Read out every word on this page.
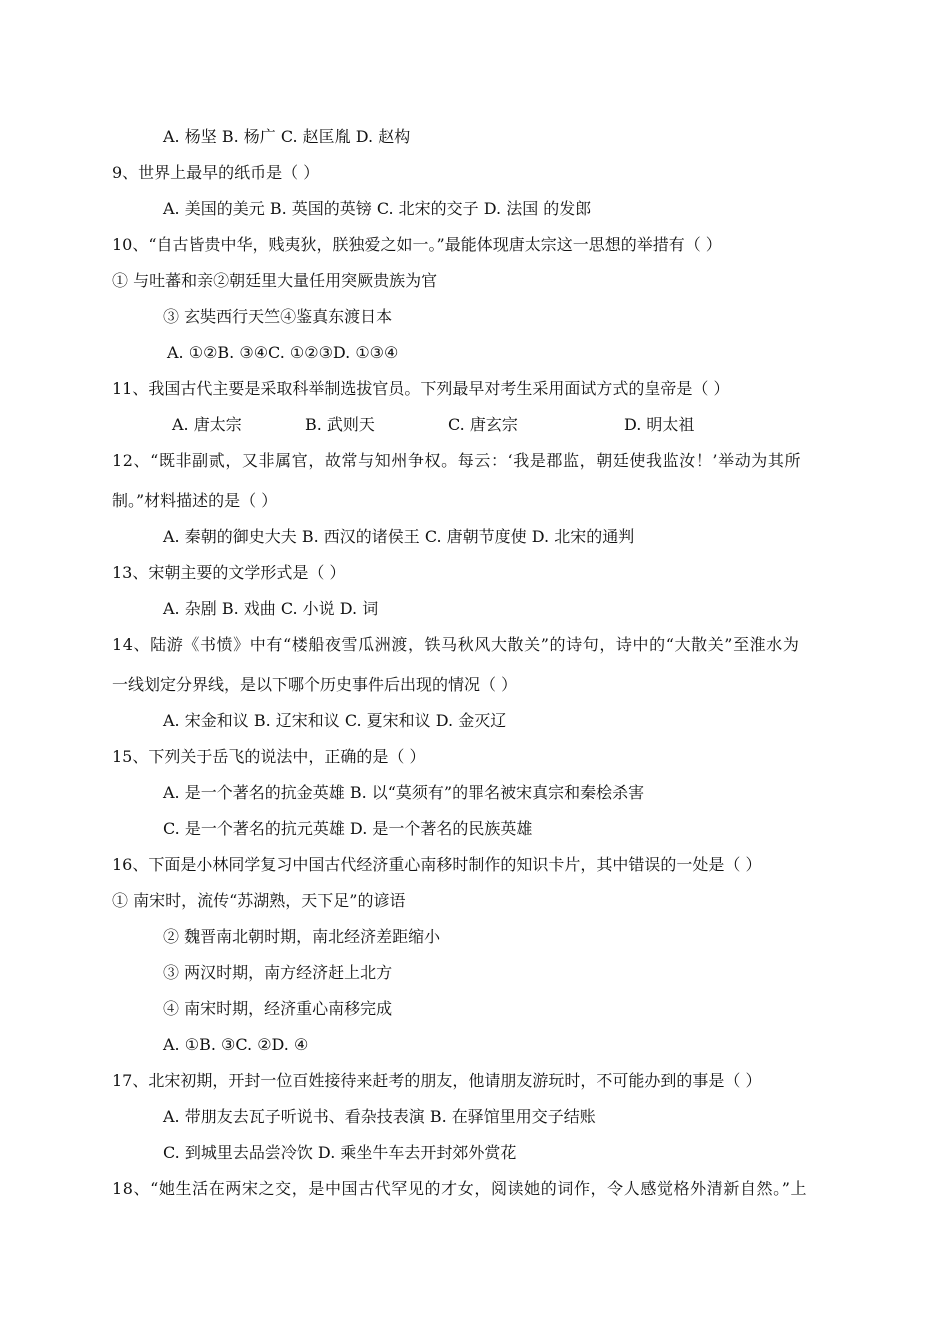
A. 杨坚 B. 杨广 C. 赵匡胤 D. 赵构
9、世界上最早的纸币是（ ）
A. 美国的美元 B. 英国的英镑 C. 北宋的交子 D. 法国 的发郎
10、“自古皆贵中华，贱夷狄，朕独爱之如一。”最能体现唐太宗这一思想的举措有（ ）
① 与吐蕃和亲②朝廷里大量任用突厥贵族为官
③ 玄奘西行天竺④鉴真东渡日本
A. ①②B. ③④C. ①②③D. ①③④
11、我国古代主要是采取科举制选拔官员。下列最早对考生采用面试方式的皇帝是（ ）
A. 唐太宗	B. 武则天	C. 唐玄宗	D. 明太祖
12、“既非副贰，又非属官，故常与知州争权。每云：‘我是郡监，朝廷使我监汝！’举动为其所
制。”材料描述的是（ ）
A. 秦朝的御史大夫 B. 西汉的诸侯王 C. 唐朝节度使 D. 北宋的通判
13、宋朝主要的文学形式是（ ）
A. 杂剧 B. 戏曲 C. 小说 D. 词
14、陆游《书愤》中有“楼船夜雪瓜洲渡，铁马秋风大散关”的诗句，诗中的“大散关”至淮水为
一线划定分界线，是以下哪个历史事件后出现的情况（ ）
A. 宋金和议 B. 辽宋和议 C. 夏宋和议 D. 金灭辽
15、下列关于岳飞的说法中，正确的是（ ）
A. 是一个著名的抗金英雄 B. 以“莫须有”的罪名被宋真宗和秦桧杀害
C. 是一个著名的抗元英雄 D. 是一个著名的民族英雄
16、下面是小林同学复习中国古代经济重心南移时制作的知识卡片，其中错误的一处是（ ）
① 南宋时，流传“苏湖熟，天下足”的谚语
② 魏晋南北朝时期，南北经济差距缩小
③ 两汉时期，南方经济赶上北方
④ 南宋时期，经济重心南移完成
A. ①B. ③C. ②D. ④
17、北宋初期，开封一位百姓接待来赶考的朋友，他请朋友游玩时，不可能办到的事是（ ）
A. 带朋友去瓦子听说书、看杂技表演 B. 在驿馆里用交子结账
C. 到城里去品尝冷饮 D. 乘坐牛车去开封郊外赏花
18、“她生活在两宋之交，是中国古代罕见的才女，阅读她的词作，令人感觉格外清新自然。”上
